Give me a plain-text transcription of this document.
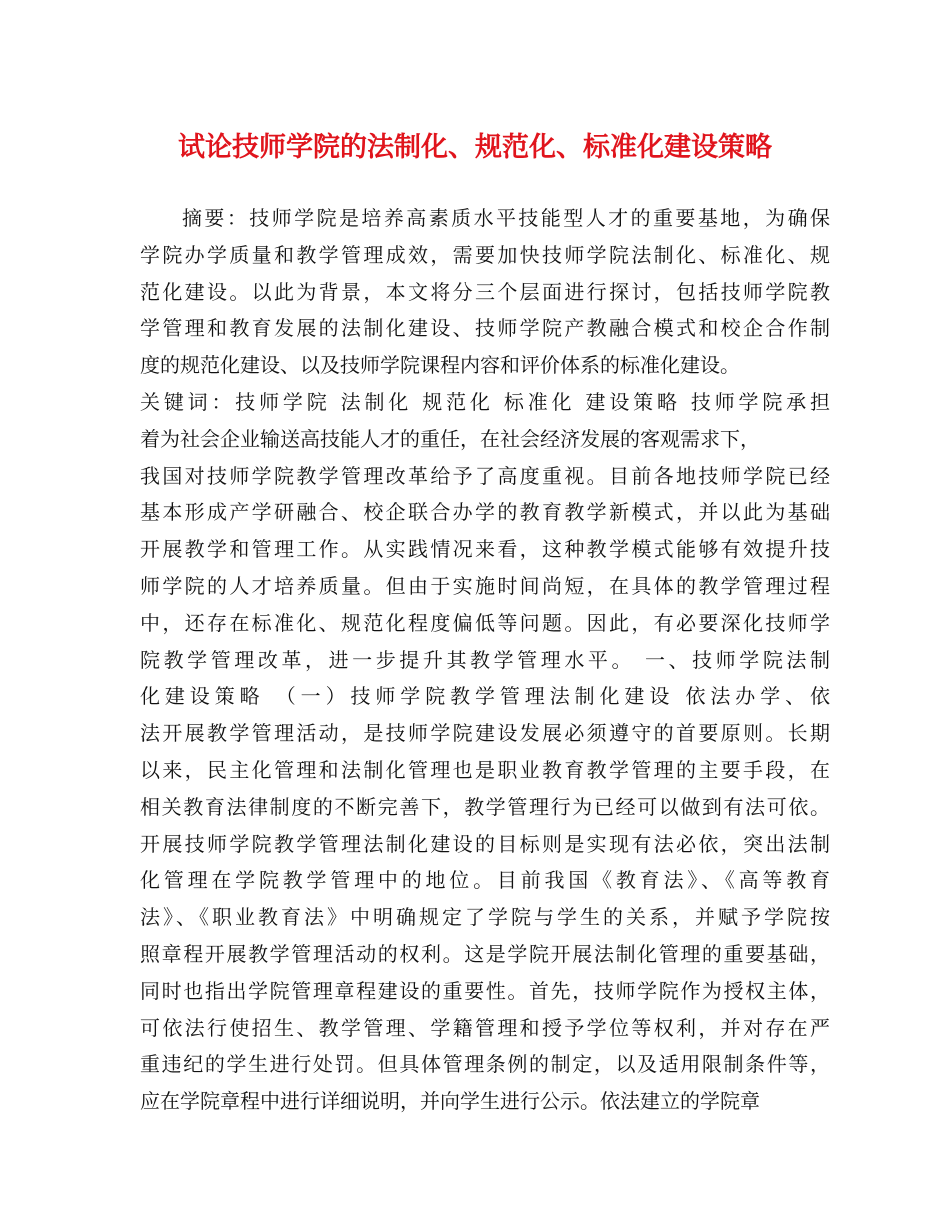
试论技师学院的法制化、规范化、标准化建设策略
摘要：技师学院是培养高素质水平技能型人才的重要基地，为确保
学院办学质量和教学管理成效，需要加快技师学院法制化、标准化、规
范化建设。以此为背景，本文将分三个层面进行探讨，包括技师学院教
学管理和教育发展的法制化建设、技师学院产教融合模式和校企合作制
度的规范化建设、以及技师学院课程内容和评价体系的标准化建设。
关键词：技师学院 法制化 规范化 标准化 建设策略 技师学院承担
着为社会企业输送高技能人才的重任，在社会经济发展的客观需求下，
我国对技师学院教学管理改革给予了高度重视。目前各地技师学院已经
基本形成产学研融合、校企联合办学的教育教学新模式，并以此为基础
开展教学和管理工作。从实践情况来看，这种教学模式能够有效提升技
师学院的人才培养质量。但由于实施时间尚短，在具体的教学管理过程
中，还存在标准化、规范化程度偏低等问题。因此，有必要深化技师学
院教学管理改革，进一步提升其教学管理水平。 一、技师学院法制
化建设策略 （一）技师学院教学管理法制化建设 依法办学、依
法开展教学管理活动，是技师学院建设发展必须遵守的首要原则。长期
以来，民主化管理和法制化管理也是职业教育教学管理的主要手段，在
相关教育法律制度的不断完善下，教学管理行为已经可以做到有法可依。
开展技师学院教学管理法制化建设的目标则是实现有法必依，突出法制
化管理在学院教学管理中的地位。目前我国《教育法》、《高等教育
法》、《职业教育法》中明确规定了学院与学生的关系，并赋予学院按
照章程开展教学管理活动的权利。这是学院开展法制化管理的重要基础，
同时也指出学院管理章程建设的重要性。首先，技师学院作为授权主体，
可依法行使招生、教学管理、学籍管理和授予学位等权利，并对存在严
重违纪的学生进行处罚。但具体管理条例的制定，以及适用限制条件等，
应在学院章程中进行详细说明，并向学生进行公示。依法建立的学院章
